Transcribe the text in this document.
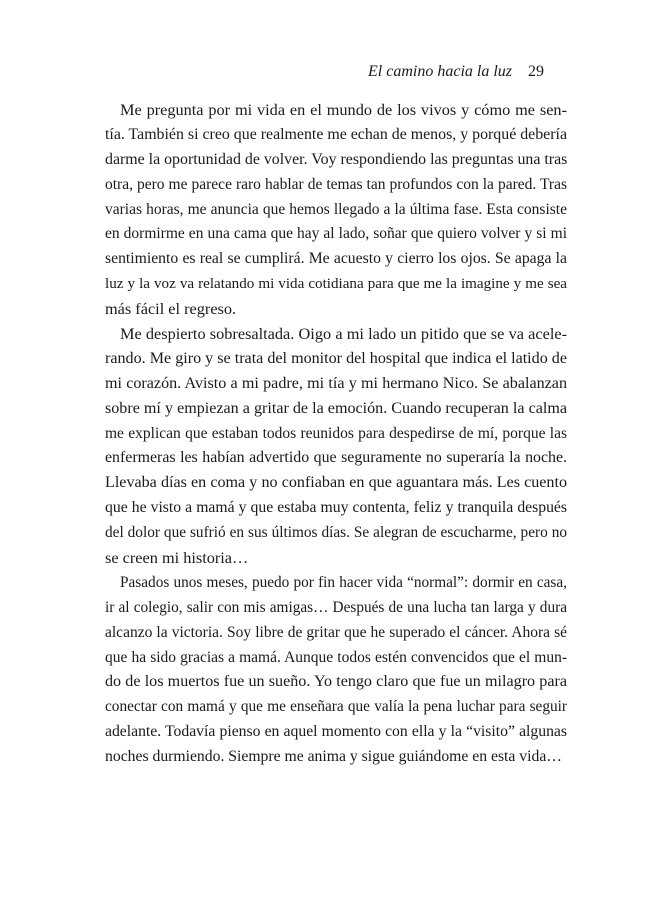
El camino hacia la luz 29
Me pregunta por mi vida en el mundo de los vivos y cómo me sen-
tía. También si creo que realmente me echan de menos, y porqué debería
darme la oportunidad de volver. Voy respondiendo las preguntas una tras
otra, pero me parece raro hablar de temas tan profundos con la pared. Tras
varias horas, me anuncia que hemos llegado a la última fase. Esta consiste
en dormirme en una cama que hay al lado, soñar que quiero volver y si mi
sentimiento es real se cumplirá. Me acuesto y cierro los ojos. Se apaga la
luz y la voz va relatando mi vida cotidiana para que me la imagine y me sea
más fácil el regreso.
Me despierto sobresaltada. Oigo a mi lado un pitido que se va acele-
rando. Me giro y se trata del monitor del hospital que indica el latido de
mi corazón. Avisto a mi padre, mi tía y mi hermano Nico. Se abalanzan
sobre mí y empiezan a gritar de la emoción. Cuando recuperan la calma
me explican que estaban todos reunidos para despedirse de mí, porque las
enfermeras les habían advertido que seguramente no superaría la noche.
Llevaba días en coma y no confiaban en que aguantara más. Les cuento
que he visto a mamá y que estaba muy contenta, feliz y tranquila después
del dolor que sufrió en sus últimos días. Se alegran de escucharme, pero no
se creen mi historia…
Pasados unos meses, puedo por fin hacer vida “normal”: dormir en casa,
ir al colegio, salir con mis amigas… Después de una lucha tan larga y dura
alcanzo la victoria. Soy libre de gritar que he superado el cáncer. Ahora sé
que ha sido gracias a mamá. Aunque todos estén convencidos que el mun-
do de los muertos fue un sueño. Yo tengo claro que fue un milagro para
conectar con mamá y que me enseñara que valía la pena luchar para seguir
adelante. Todavía pienso en aquel momento con ella y la “visito” algunas
noches durmiendo. Siempre me anima y sigue guiándome en esta vida…
